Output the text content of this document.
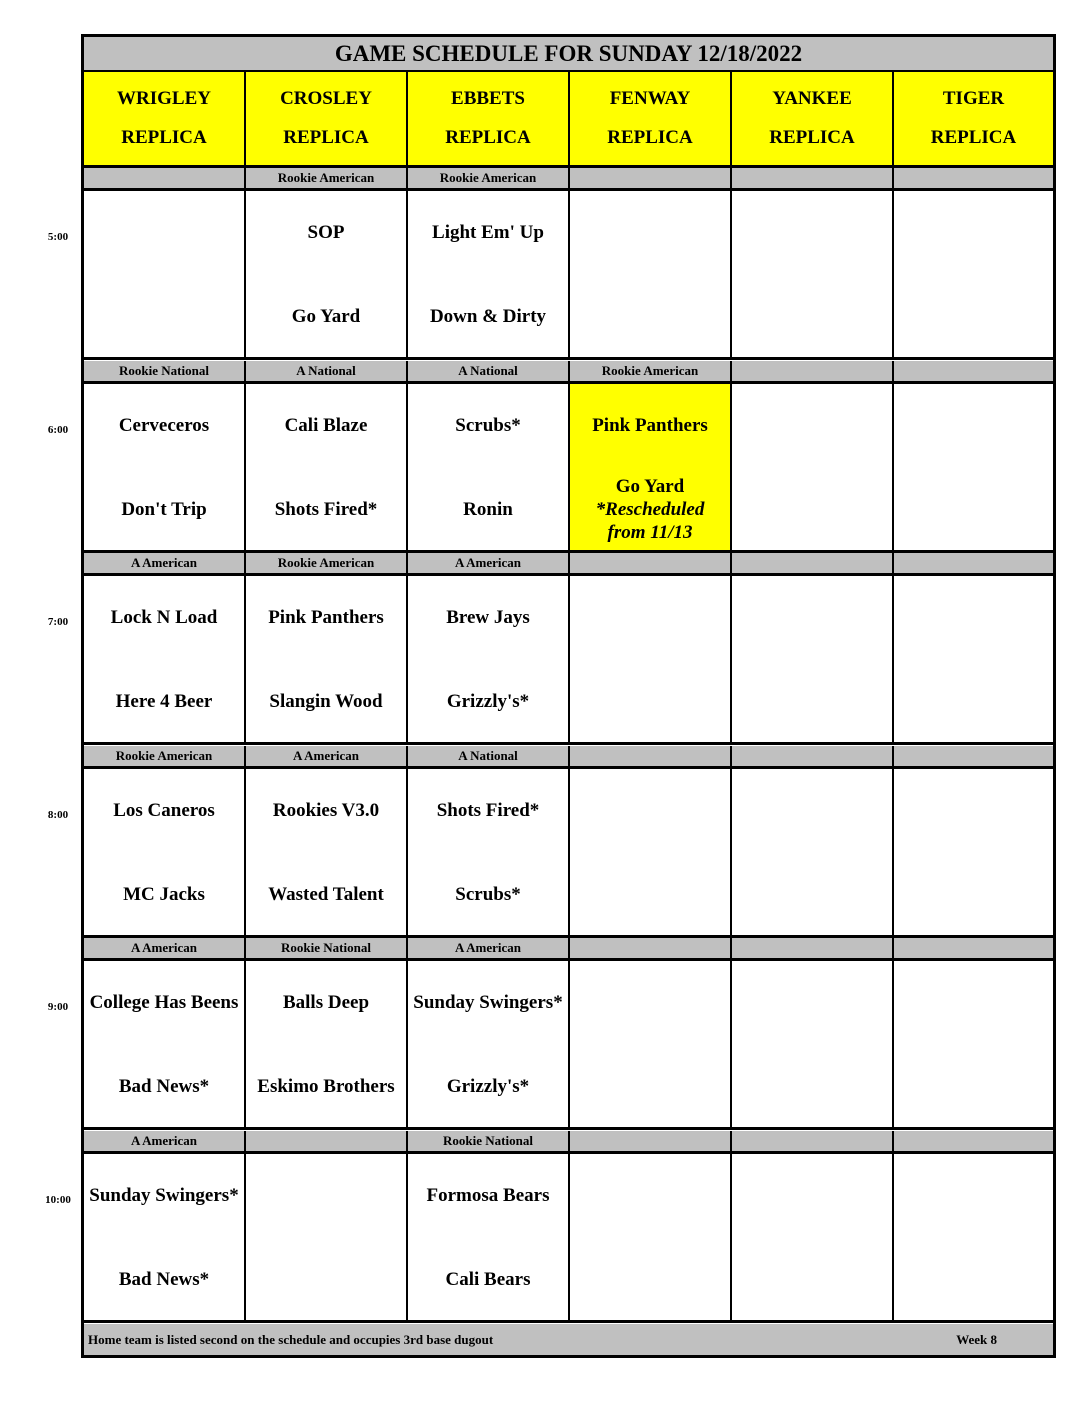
GAME SCHEDULE FOR SUNDAY 12/18/2022
WRIGLEY
REPLICA
CROSLEY
REPLICA
EBBETS
REPLICA
FENWAY
REPLICA
YANKEE
REPLICA
TIGER
REPLICA
Rookie American
SOP
Go Yard
Rookie American
Light Em' Up
Down & Dirty
Rookie National
Cerveceros
Don't Trip
A National
Cali Blaze
Shots Fired*
A National
Scrubs*
Ronin
Rookie American
Pink Panthers
Go Yard
*Rescheduled
from 11/13
A American
Lock N Load
Here 4 Beer
Rookie American
Pink Panthers
Slangin Wood
A American
Brew Jays
Grizzly's*
Rookie American
Los Caneros
MC Jacks
A American
Rookies V3.0
Wasted Talent
A National
Shots Fired*
Scrubs*
A American
College Has Beens
Bad News*
Rookie National
Balls Deep
Eskimo Brothers
A American
Sunday Swingers*
Grizzly's*
A American
Sunday Swingers*
Bad News*
Rookie National
Formosa Bears
Cali Bears
Home team is listed second on the schedule and occupies 3rd base dugout	Week 8
5:00
6:00
7:00
8:00
9:00
10:00
